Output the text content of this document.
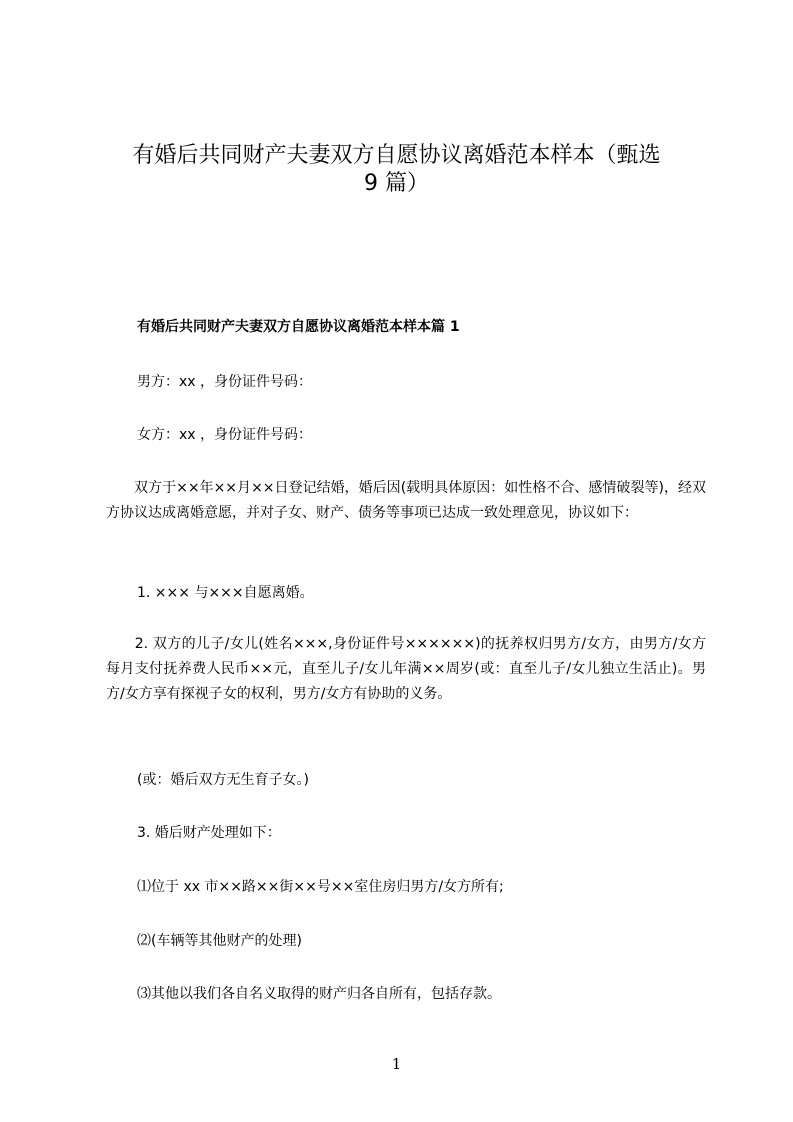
有婚后共同财产夫妻双方自愿协议离婚范本样本（甄选
9 篇）
有婚后共同财产夫妻双方自愿协议离婚范本样本篇 1

男方：xx ，身份证件号码：

女方：xx ，身份证件号码：

　　双方于××年××月××日登记结婚，婚后因(载明具体原因：如性格不合、感情破裂等)，经双方协议达成离婚意愿，并对子女、财产、债务等事项已达成一致处理意见，协议如下：

1. ××× 与×××自愿离婚。

　　2. 双方的儿子/女儿(姓名×××,身份证件号××××××)的抚养权归男方/女方，由男方/女方每月支付抚养费人民币××元，直至儿子/女儿年满××周岁(或：直至儿子/女儿独立生活止)。男方/女方享有探视子女的权利，男方/女方有协助的义务。

(或：婚后双方无生育子女。)

3. 婚后财产处理如下：

⑴位于 xx 市××路××街××号××室住房归男方/女方所有;

⑵(车辆等其他财产的处理)

⑶其他以我们各自名义取得的财产归各自所有，包括存款。

1
